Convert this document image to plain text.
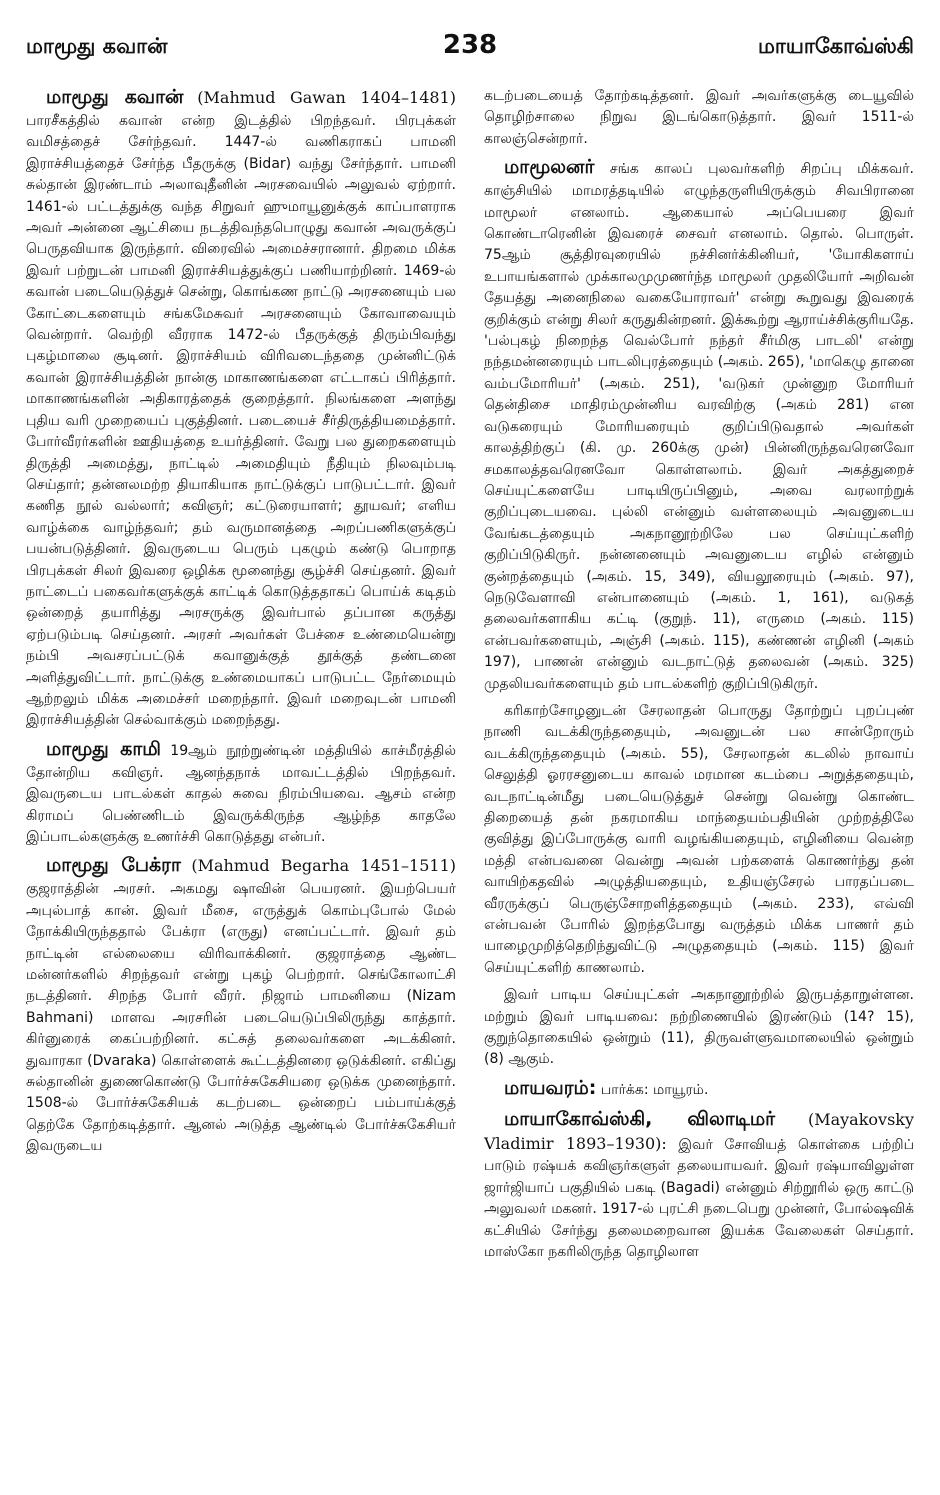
மாமூது கவான்	238	மாயாகோவ்ஸ்கி

மாமூது கவான் (Mahmud Gawan 1404–1481) பாரசீகத்தில் கவான் என்ற இடத்தில் பிறந்தவர். பிரபுக்கள் வமிசத்தைச் சேர்ந்தவர். 1447-ல் வணிகராகப் பாமனி இராச்சியத்தைச் சேர்ந்த பீதருக்கு (Bidar) வந்து சேர்ந்தார். பாமனி சுல்தான் இரண்டாம் அலாவுதீனின் அரசவையில் அலுவல் ஏற்றார். 1461-ல் பட்டத்துக்கு வந்த சிறுவர் ஹுமாயூனுக்குக் காப்பாளராக அவர் அன்னை ஆட்சியை நடத்திவந்தபொழுது கவான் அவருக்குப் பெருதவியாக இருந்தார். விரைவில் அமைச்சரானார். திறமை மிக்க இவர் பற்றுடன் பாமனி இராச்சியத்துக்குப் பணியாற்றினர். 1469-ல் கவான் படையெடுத்துச் சென்று, கொங்கண நாட்டு அரசனையும் பல கோட்டைகளையும் சங்கமேசுவர் அரசனையும் கோவாவையும் வென்றார். வெற்றி வீரராக 1472-ல் பீதருக்குத் திரும்பிவந்து புகழ்மாலை சூடினர். இராச்சியம் விரிவடைந்ததை முன்னிட்டுக் கவான் இராச்சியத்தின் நான்கு மாகாணங்களை எட்டாகப் பிரித்தார். மாகாணங்களின் அதிகாரத்தைக் குறைத்தார். நிலங்களை அளந்து புதிய வரி முறையைப் புகுத்தினர். படையைச் சீர்திருத்தியமைத்தார். போர்வீரர்களின் ஊதியத்தை உயர்த்தினர். வேறு பல துறைகளையும் திருத்தி அமைத்து, நாட்டில் அமைதியும் நீதியும் நிலவும்படி செய்தார்; தன்னலமற்ற தியாகியாக நாட்டுக்குப் பாடுபட்டார். இவர் கணித நூல் வல்லார்; கவிஞர்; கட்டுரையாளர்; தூயவர்; எளிய வாழ்க்கை வாழ்ந்தவர்; தம் வருமானத்தை அறப்பணிகளுக்குப் பயன்படுத்தினர். இவருடைய பெரும் புகழும் கண்டு பொறாத பிரபுக்கள் சிலர் இவரை ஒழிக்க மூனைந்து சூழ்ச்சி செய்தனர். இவர் நாட்டைப் பகைவர்களுக்குக் காட்டிக் கொடுத்ததாகப் பொய்க் கடிதம் ஒன்றைத் தயாரித்து அரசருக்கு இவர்பால் தப்பான கருத்து ஏற்படும்படி செய்தனர். அரசர் அவர்கள் பேச்சை உண்மையென்று நம்பி அவசரப்பட்டுக் கவானுக்குத் தூக்குத் தண்டனை அளித்துவிட்டார். நாட்டுக்கு உண்மையாகப் பாடுபட்ட நேர்மையும் ஆற்றலும் மிக்க அமைச்சர் மறைந்தார். இவர் மறைவுடன் பாமனி இராச்சியத்தின் செல்வாக்கும் மறைந்தது.

மாமூது காமி 19ஆம் நூற்றுண்டின் மத்தியில் காச்மீரத்தில் தோன்றிய கவிஞர். ஆனந்தநாக் மாவட்டத்தில் பிறந்தவர். இவருடைய பாடல்கள் காதல் சுவை நிரம்பியவை. ஆசம் என்ற கிராமப் பெண்ணிடம் இவருக்கிருந்த ஆழ்ந்த காதலே இப்பாடல்களுக்கு உணர்ச்சி கொடுத்தது என்பர்.

மாமூது பேக்ரா (Mahmud Begarha 1451–1511) குஜராத்தின் அரசர். அகமது ஷாவின் பெயரனர். இயற்பெயர் அபுல்பாத் கான். இவர் மீசை, எருத்துக் கொம்புபோல் மேல் நோக்கியிருந்ததால் பேக்ரா (எருது) எனப்பட்டார். இவர் தம் நாட்டின் எல்லையை விரிவாக்கினர். குஜராத்தை ஆண்ட மன்னர்களில் சிறந்தவர் என்று புகழ் பெற்றார். செங்கோலாட்சி நடத்தினர். சிறந்த போர் வீரர். நிஜாம் பாமனியை (Nizam Bahmani) மாளவ அரசரின் படையெடுப்பிலிருந்து காத்தார். கிர்னுரைக் கைப்பற்றினர். கட்சுத் தலைவர்களை அடக்கினர். துவாரகா (Dvaraka) கொள்ளைக் கூட்டத்தினரை ஒடுக்கினர். எகிப்து சுல்தானின் துணைகொண்டு போர்ச்சுகேசியரை ஒடுக்க முனைந்தார். 1508-ல் போர்ச்சுகேசியக் கடற்படை ஒன்றைப் பம்பாய்க்குத் தெற்கே தோற்கடித்தார். ஆனல் அடுத்த ஆண்டில் போர்ச்சுகேசியர் இவருடைய

கடற்படையைத் தோற்கடித்தனர். இவர் அவர்களுக்கு டையூவில் தொழிற்சாலை நிறுவ இடங்கொடுத்தார். இவர் 1511-ல் காலஞ்சென்றார்.

மாமூலனர் சங்க காலப் புலவர்களிற் சிறப்பு மிக்கவர். காஞ்சியில் மாமரத்தடியில் எழுந்தருளியிருக்கும் சிவபிரானை மாமூலர் எனலாம். ஆகையால் அப்பெயரை இவர் கொண்டாரெனின் இவரைச் சைவர் எனலாம். தொல். பொருள். 75ஆம் சூத்திரவுரையில் நச்சினர்க்கினியர், 'யோகிகளாய் உபாயங்களால் முக்காலமுமுணர்ந்த மாமூலர் முதலியோர் அறிவன் தேயத்து அனைநிலை வகையோராவர்' என்று கூறுவது இவரைக் குறிக்கும் என்று சிலர் கருதுகின்றனர். இக்கூற்று ஆராய்ச்சிக்குரியதே. 'பல்புகழ் நிறைந்த வெல்போர் நந்தர் சீர்மிகு பாடலி' என்று நந்தமன்னரையும் பாடலிபுரத்தையும் (அகம். 265), 'மாகெழு தானை வம்பமோரியர்' (அகம். 251), 'வடுகர் முன்னுற மோரியர் தென்திசை மாதிரம்முன்னிய வரவிற்கு (அகம் 281) என வடுகரையும் மோரியரையும் குறிப்பிடுவதால் அவர்கள் காலத்திற்குப் (கி. மு. 260க்கு முன்) பின்னிருந்தவரெனவோ சமகாலத்தவரெனவோ கொள்ளலாம். இவர் அகத்துறைச் செய்யுட்களையே பாடியிருப்பினும், அவை வரலாற்றுக் குறிப்புடையவை. புல்லி என்னும் வள்ளலையும் அவனுடைய வேங்கடத்தையும் அகநானூற்றிலே பல செய்யுட்களிற் குறிப்பிடுகிருர். நன்னனையும் அவனுடைய எழில் என்னும் குன்றத்தையும் (அகம். 15, 349), வியலூரையும் (அகம். 97), நெடுவேளாவி என்பானையும் (அகம். 1, 161), வடுகத் தலைவர்களாகிய கட்டி (குறுந். 11), எருமை (அகம். 115) என்பவர்களையும், அஞ்சி (அகம். 115), கண்ணன் எழினி (அகம் 197), பாணன் என்னும் வடநாட்டுத் தலைவன் (அகம். 325) முதலியவர்களையும் தம் பாடல்களிற் குறிப்பிடுகிருர்.

கரிகாற்சோழனுடன் சேரலாதன் பொருது தோற்றுப் புறப்புண் நாணி வடக்கிருந்ததையும், அவனுடன் பல சான்றோரும் வடக்கிருந்ததையும் (அகம். 55), சேரலாதன் கடலில் நாவாய் செலுத்தி ஓரரசனுடைய காவல் மரமான கடம்பை அறுத்ததையும், வடநாட்டின்மீது படையெடுத்துச் சென்று வென்று கொண்ட திறையைத் தன் நகரமாகிய மாந்தையம்பதியின் முற்றத்திலே குவித்து இப்போருக்கு வாரி வழங்கியதையும், எழினியை வென்ற மத்தி என்பவனை வென்று அவன் பற்களைக் கொணர்ந்து தன் வாயிற்கதவில் அழுத்தியதையும், உதியஞ்சேரல் பாரதப்படை வீரருக்குப் பெருஞ்சோறளித்ததையும் (அகம். 233), எவ்வி என்பவன் போரில் இறந்தபோது வருத்தம் மிக்க பாணர் தம் யாழைமுறித்தெறிந்துவிட்டு அழுததையும் (அகம். 115) இவர் செய்யுட்களிற் காணலாம்.

இவர் பாடிய செய்யுட்கள் அகநானூற்றில் இருபத்தாறுள்ளன. மற்றும் இவர் பாடியவை: நற்றிணையில் இரண்டும் (14? 15), குறுந்தொகையில் ஒன்றும் (11), திருவள்ளுவமாலையில் ஒன்றும் (8) ஆகும்.

மாயவரம்: பார்க்க: மாயூரம்.

மாயாகோவ்ஸ்கி, விலாடிமர் (Mayakovsky Vladimir 1893–1930): இவர் சோவியத் கொள்கை பற்றிப் பாடும் ரஷ்யக் கவிஞர்களுள் தலையாயவர். இவர் ரஷ்யாவிலுள்ள ஜார்ஜியாப் பகுதியில் பகடி (Bagadi) என்னும் சிற்றூரில் ஒரு காட்டு அலுவலர் மகனர். 1917-ல் புரட்சி நடைபெறு முன்னர், போல்ஷவிக் கட்சியில் சேர்ந்து தலைமறைவான இயக்க வேலைகள் செய்தார். மாஸ்கோ நகரிலிருந்த தொழிலாள
